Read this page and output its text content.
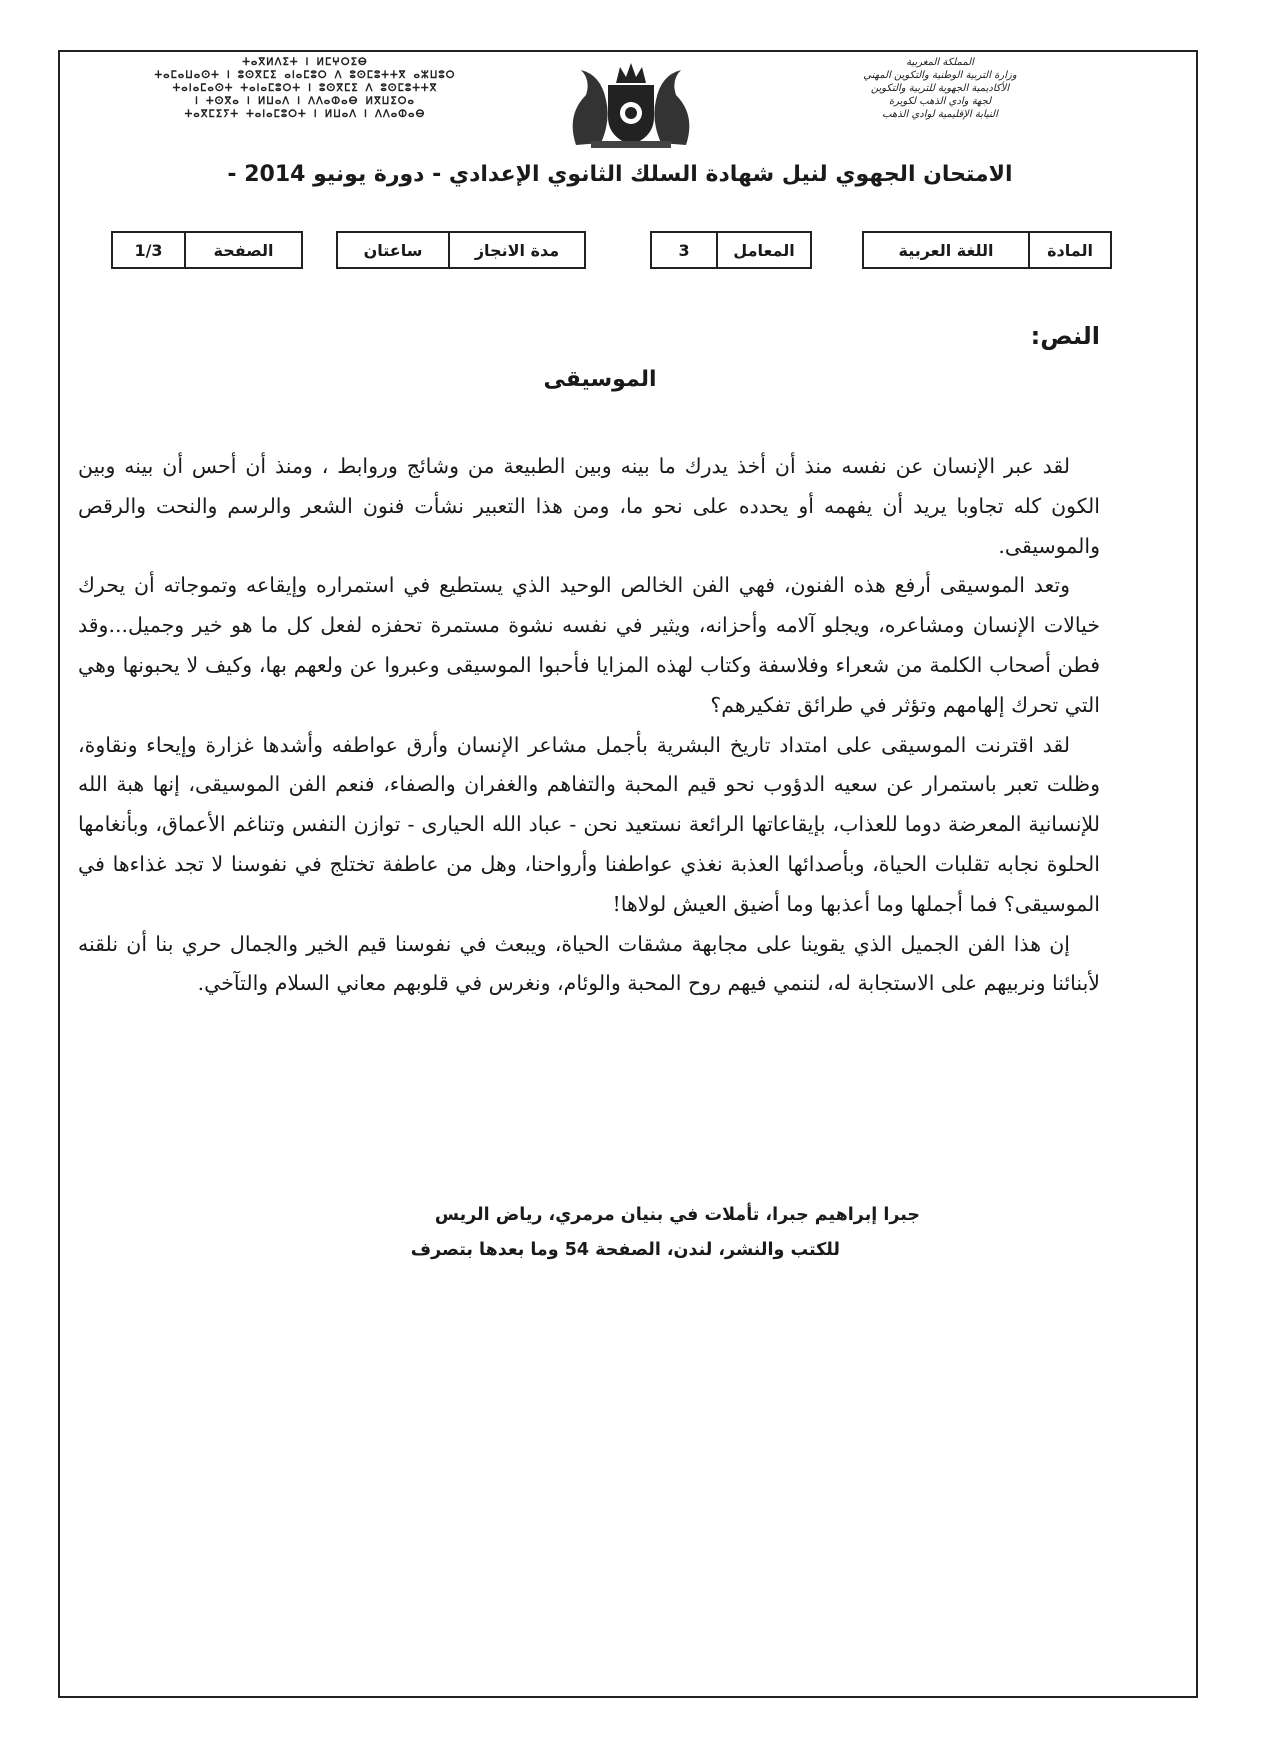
ⵜⴰⴳⵍⴷⵉⵜ ⵏ ⵍⵎⵖⵔⵉⴱ
ⵜⴰⵎⴰⵡⴰⵙⵜ ⵏ ⵓⵙⴳⵎⵉ ⴰⵏⴰⵎⵓⵔ ⴷ ⵓⵙⵎⵓⵜⵜⴳ ⴰⵣⵡⵓⵔ
ⵜⴰⵏⴰⵎⴰⵙⵜ ⵜⴰⵏⴰⵎⵓⵔⵜ ⵏ ⵓⵙⴳⵎⵉ ⴷ ⵓⵙⵎⵓⵜⵜⴳ
ⵏ ⵜⵙⴳⴰ ⵏ ⵍⵡⴰⴷ ⵏ ⴷⴷⴰⵀⴰⴱ ⵍⴳⵡⵉⵔⴰ
ⵜⴰⴳⵎⵉⵢⵜ ⵜⴰⵏⴰⵎⵓⵔⵜ ⵏ ⵍⵡⴰⴷ ⵏ ⴷⴷⴰⵀⴰⴱ
المملكة المغربية
وزارة التربية الوطنية والتكوين المهني
الأكاديمية الجهوية للتربية والتكوين
لجهة وادي الذهب لكويرة
النيابة الإقليمية لوادي الذهب
الامتحان الجهوي لنيل شهادة السلك الثانوي الإعدادي - دورة يونيو 2014 -
المادة
اللغة العربية
المعامل
3
مدة الانجاز
ساعتان
الصفحة
1/3
النص:
الموسيقى

لقد عبر الإنسان عن نفسه منذ أن أخذ يدرك ما بينه وبين الطبيعة من وشائج وروابط ، ومنذ أن أحس أن بينه وبين الكون كله تجاوبا يريد أن يفهمه أو يحدده على نحو ما، ومن هذا التعبير نشأت فنون الشعر والرسم والنحت والرقص والموسيقى.

وتعد الموسيقى أرفع هذه الفنون، فهي الفن الخالص الوحيد الذي يستطيع في استمراره وإيقاعه وتموجاته أن يحرك خيالات الإنسان ومشاعره، ويجلو آلامه وأحزانه، ويثير في نفسه نشوة مستمرة تحفزه لفعل كل ما هو خير وجميل...وقد فطن أصحاب الكلمة من شعراء وفلاسفة وكتاب لهذه المزايا فأحبوا الموسيقى وعبروا عن ولعهم بها، وكيف لا يحبونها وهي التي تحرك إلهامهم وتؤثر في طرائق تفكيرهم؟

لقد اقترنت الموسيقى على امتداد تاريخ البشرية بأجمل مشاعر الإنسان وأرق عواطفه وأشدها غزارة وإيحاء ونقاوة، وظلت تعبر باستمرار عن سعيه الدؤوب نحو قيم المحبة والتفاهم والغفران والصفاء، فنعم الفن الموسيقى، إنها هبة الله للإنسانية المعرضة دوما للعذاب، بإيقاعاتها الرائعة نستعيد نحن - عباد الله الحيارى - توازن النفس وتناغم الأعماق، وبأنغامها الحلوة نجابه تقلبات الحياة، وبأصدائها العذبة نغذي عواطفنا وأرواحنا، وهل من عاطفة تختلج في نفوسنا لا تجد غذاءها في الموسيقى؟ فما أجملها وما أعذبها وما أضيق العيش لولاها!

إن هذا الفن الجميل الذي يقوينا على مجابهة مشقات الحياة، ويبعث في نفوسنا قيم الخير والجمال حري بنا أن نلقنه لأبنائنا ونربيهم على الاستجابة له، لننمي فيهم روح المحبة والوئام، ونغرس في قلوبهم معاني السلام والتآخي.

جبرا إبراهيم جبرا، تأملات في بنيان مرمري، رياض الريس
للكتب والنشر، لندن، الصفحة 54 وما بعدها بتصرف
